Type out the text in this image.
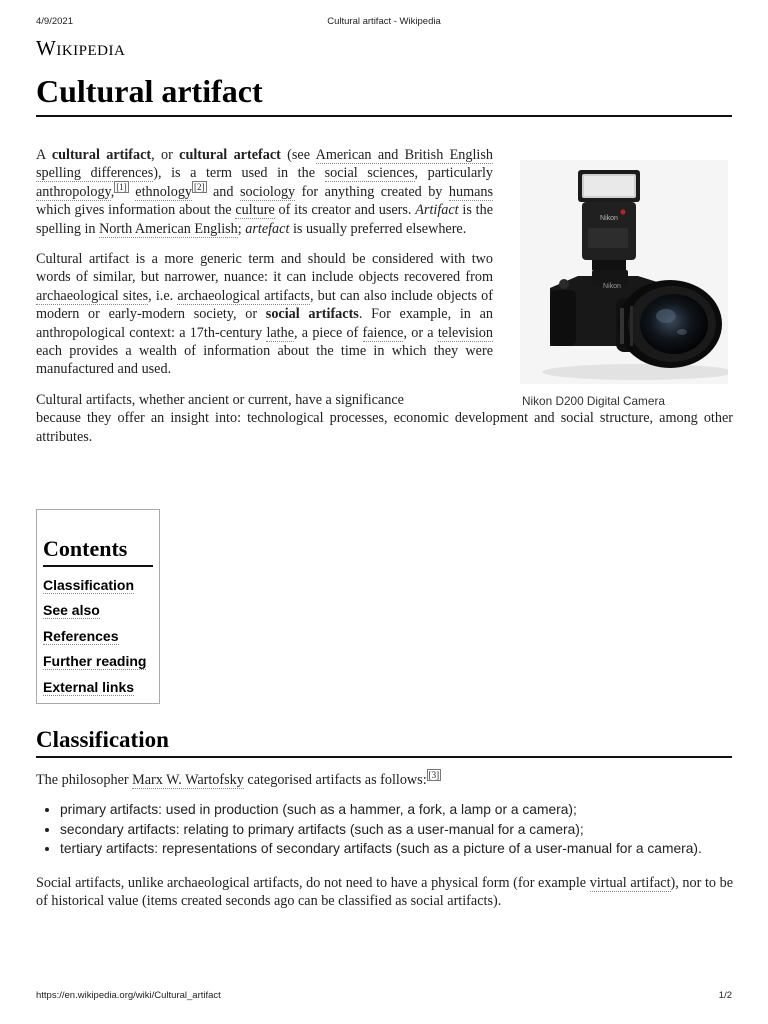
4/9/2021	Cultural artifact - Wikipedia
Wikipedia
Cultural artifact

A cultural artifact, or cultural artefact (see American and British English spelling differences), is a term used in the social sciences, particularly anthropology, [1] ethnology [2] and sociology for anything created by humans which gives information about the culture of its creator and users. Artifact is the spelling in North American English; artefact is usually preferred elsewhere.

Cultural artifact is a more generic term and should be considered with two words of similar, but narrower, nuance: it can include objects recovered from archaeological sites, i.e. archaeological artifacts, but can also include objects of modern or early-modern society, or social artifacts. For example, in an anthropological context: a 17th-century lathe, a piece of faience, or a television each provides a wealth of information about the time in which they were manufactured and used.

Cultural artifacts, whether ancient or current, have a significance
because they offer an insight into: technological processes, economic development and social structure, among other attributes.

Nikon
Nikon
Nikon D200 Digital Camera
Contents
Classification
See also
References
Further reading
External links
Classification

The philosopher Marx W. Wartofsky categorised artifacts as follows: [3]

• primary artifacts: used in production (such as a hammer, a fork, a lamp or a camera);
• secondary artifacts: relating to primary artifacts (such as a user-manual for a camera);
• tertiary artifacts: representations of secondary artifacts (such as a picture of a user-manual for a camera).

Social artifacts, unlike archaeological artifacts, do not need to have a physical form (for example virtual artifact), nor to be of historical value (items created seconds ago can be classified as social artifacts).

https://en.wikipedia.org/wiki/Cultural_artifact	1/2
